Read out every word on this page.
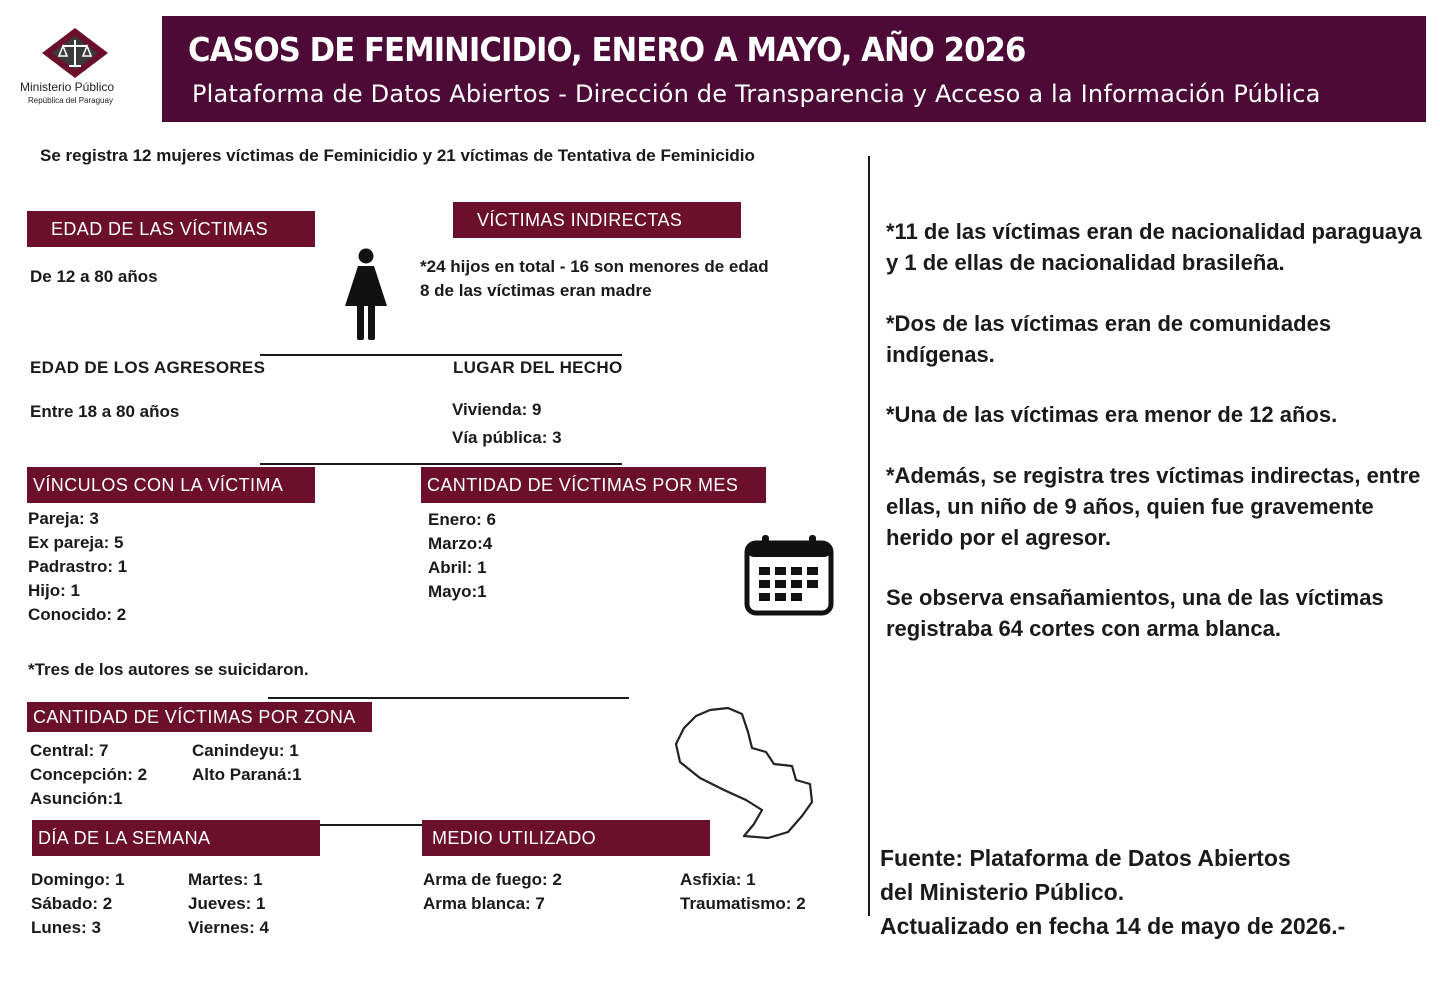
Ministerio Público
República del Paraguay
CASOS DE FEMINICIDIO, ENERO A MAYO, AÑO 2026
Plataforma de Datos Abiertos - Dirección de Transparencia y Acceso a la Información Pública
Se registra 12 mujeres víctimas de Feminicidio y 21 víctimas de Tentativa de Feminicidio
EDAD DE LAS VÍCTIMAS
De 12 a 80 años
VÍCTIMAS INDIRECTAS
*24 hijos en total - 16 son menores de edad
8 de las víctimas eran madre
EDAD DE LOS AGRESORES
Entre 18 a 80 años
LUGAR DEL HECHO
Vivienda: 9
Vía pública: 3
VÍNCULOS CON LA VÍCTIMA
Pareja: 3
Ex pareja: 5
Padrastro: 1
Hijo: 1
Conocido: 2
*Tres de los autores se suicidaron.
CANTIDAD DE VÍCTIMAS POR MES
Enero: 6
Marzo:4
Abril: 1
Mayo:1
CANTIDAD DE VÍCTIMAS POR ZONA
Central: 7
Concepción: 2
Asunción:1
Canindeyu: 1
Alto Paraná:1
DÍA DE LA SEMANA
Domingo: 1
Sábado: 2
Lunes: 3
Martes: 1
Jueves: 1
Viernes: 4
MEDIO UTILIZADO
Arma de fuego: 2
Arma blanca: 7
Asfixia: 1
Traumatismo: 2

*11 de las víctimas eran de nacionalidad paraguaya y 1 de ellas de nacionalidad brasileña.

*Dos de las víctimas eran de comunidades indígenas.

*Una de las víctimas era menor de 12 años.

*Además, se registra tres víctimas indirectas, entre ellas, un niño de 9 años, quien fue gravemente herido por el agresor.

Se observa ensañamientos, una de las víctimas registraba 64 cortes con arma blanca.

Fuente: Plataforma de Datos Abiertos
del Ministerio Público.
Actualizado en fecha 14 de mayo de 2026.-
